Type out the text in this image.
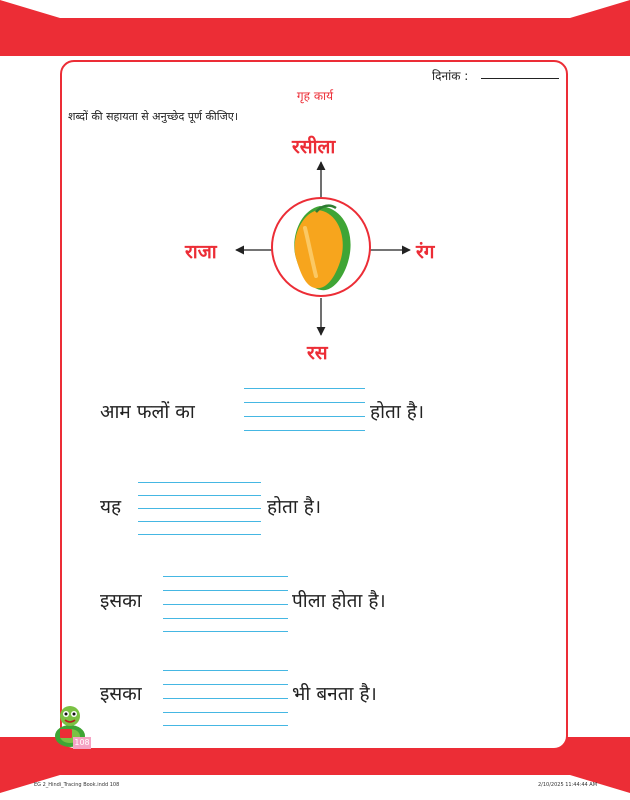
दिनांक :
गृह कार्य
शब्दों की सहायता से अनुच्छेद पूर्ण कीजिए।
रसीला
राजा	रंग
रस
आम फलों का	होता है।
यह	होता है।
इसका	पीला होता है।
इसका	भी बनता है।
108
EG 2_Hindi_Tracing Book.indd 108	2/10/2025 11:44:44 AM
